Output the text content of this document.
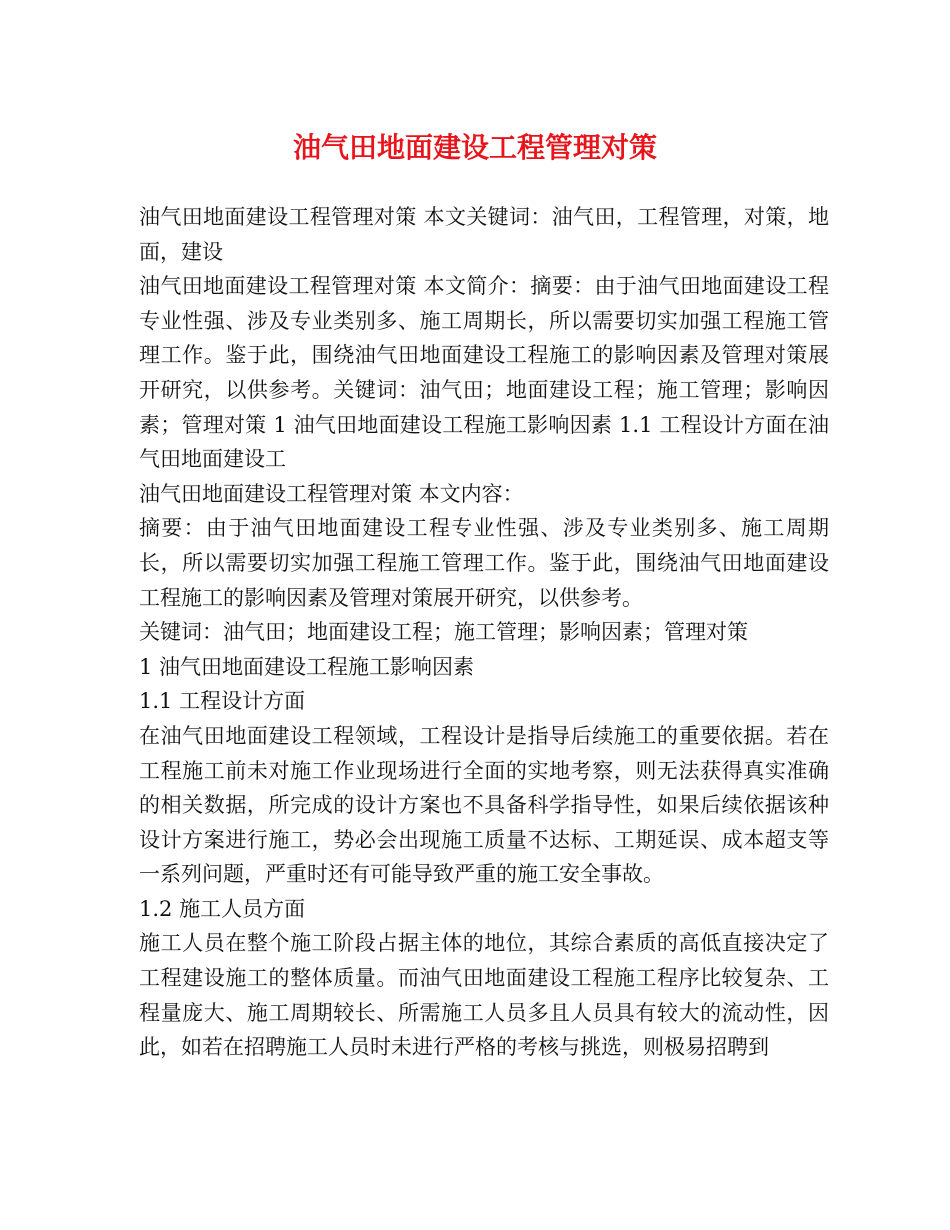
油气田地面建设工程管理对策

油气田地面建设工程管理对策 本文关键词：油气田，工程管理，对策，地面，建设

油气田地面建设工程管理对策 本文简介：摘要：由于油气田地面建设工程专业性强、涉及专业类别多、施工周期长，所以需要切实加强工程施工管理工作。鉴于此，围绕油气田地面建设工程施工的影响因素及管理对策展开研究，以供参考。关键词：油气田；地面建设工程；施工管理；影响因素；管理对策 1 油气田地面建设工程施工影响因素 1.1 工程设计方面在油气田地面建设工

油气田地面建设工程管理对策 本文内容：

摘要：由于油气田地面建设工程专业性强、涉及专业类别多、施工周期长，所以需要切实加强工程施工管理工作。鉴于此，围绕油气田地面建设工程施工的影响因素及管理对策展开研究，以供参考。

关键词：油气田；地面建设工程；施工管理；影响因素；管理对策

1 油气田地面建设工程施工影响因素

1.1 工程设计方面

在油气田地面建设工程领域，工程设计是指导后续施工的重要依据。若在工程施工前未对施工作业现场进行全面的实地考察，则无法获得真实准确的相关数据，所完成的设计方案也不具备科学指导性，如果后续依据该种设计方案进行施工，势必会出现施工质量不达标、工期延误、成本超支等一系列问题，严重时还有可能导致严重的施工安全事故。

1.2 施工人员方面

施工人员在整个施工阶段占据主体的地位，其综合素质的高低直接决定了工程建设施工的整体质量。而油气田地面建设工程施工程序比较复杂、工程量庞大、施工周期较长、所需施工人员多且人员具有较大的流动性，因此，如若在招聘施工人员时未进行严格的考核与挑选，则极易招聘到
